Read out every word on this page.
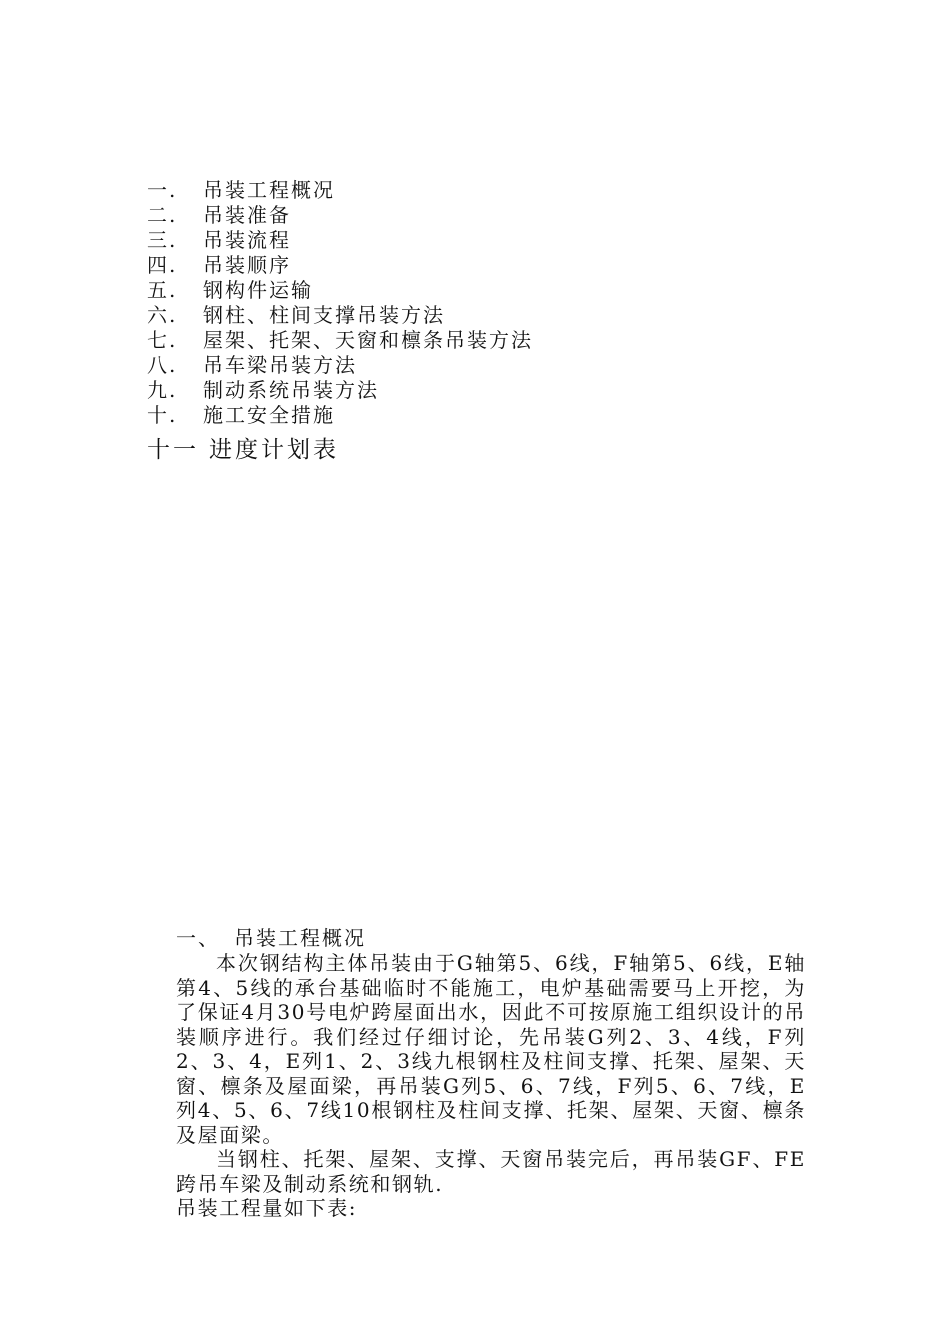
一.	吊装工程概况
二.	吊装准备
三.	吊装流程
四.	吊装顺序
五.	钢构件运输
六.	钢柱、柱间支撑吊装方法
七.	屋架、托架、天窗和檩条吊装方法
八.	吊车梁吊装方法
九.	制动系统吊装方法
十.	施工安全措施
十一 进度计划表
一、 吊装工程概况

本次钢结构主体吊装由于G轴第5、6线，F轴第5、6线，E轴第4、5线的承台基础临时不能施工，电炉基础需要马上开挖，为了保证4月30号电炉跨屋面出水，因此不可按原施工组织设计的吊装顺序进行。我们经过仔细讨论，先吊装G列2、3、4线，F列2、3、4，E列1、2、3线九根钢柱及柱间支撑、托架、屋架、天窗、檩条及屋面梁，再吊装G列5、6、7线，F列5、6、7线，E列4、5、6、7线10根钢柱及柱间支撑、托架、屋架、天窗、檩条及屋面梁。

当钢柱、托架、屋架、支撑、天窗吊装完后，再吊装GF、FE跨吊车梁及制动系统和钢轨.

吊装工程量如下表:
